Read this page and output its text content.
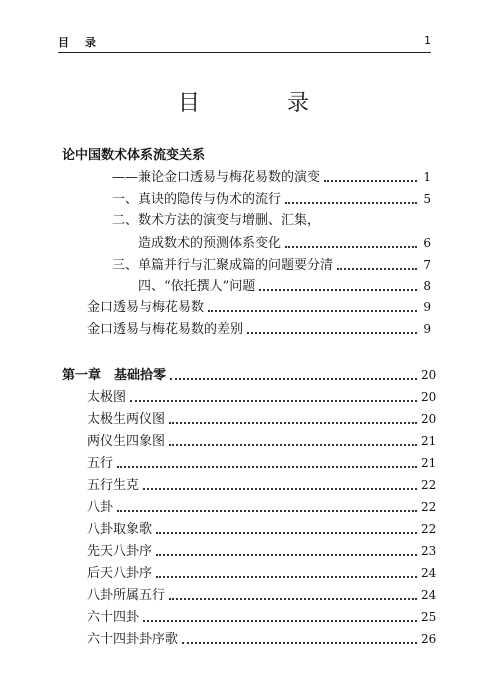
目录	1
目 录
论中国数术体系流变关系
——兼论金口透易与梅花易数的演变	1
一、真诀的隐传与伪术的流行	5
二、数术方法的演变与增删、汇集，
造成数术的预测体系变化	6
三、单篇并行与汇聚成篇的问题要分清	7
四、“依托撰人”问题	8
金口透易与梅花易数	9
金口透易与梅花易数的差别	9
第一章　基础拾零	20
太极图	20
太极生两仪图	20
两仪生四象图	21
五行	21
五行生克	22
八卦	22
八卦取象歌	22
先天八卦序	23
后天八卦序	24
八卦所属五行	24
六十四卦	25
六十四卦卦序歌	26
